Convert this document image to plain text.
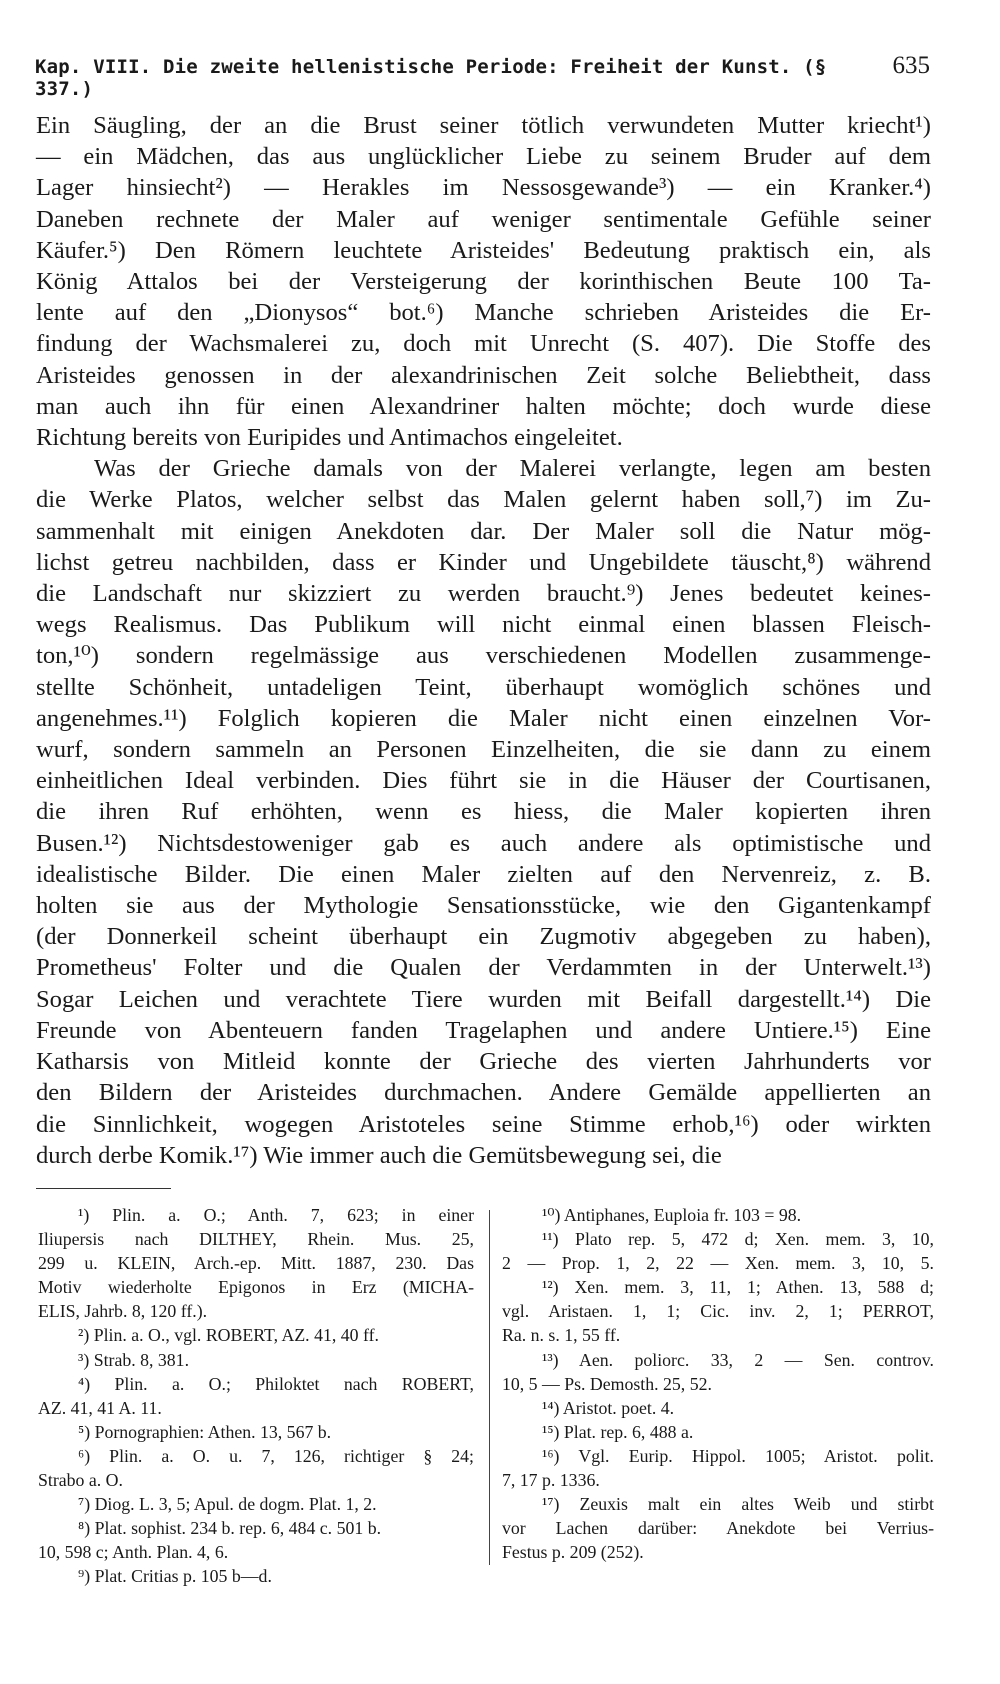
Kap. VIII. Die zweite hellenistische Periode: Freiheit der Kunst. (§ 337.)
635
Ein Säugling, der an die Brust seiner tötlich verwundeten Mutter kriecht¹)
— ein Mädchen, das aus unglücklicher Liebe zu seinem Bruder auf dem
Lager hinsiecht²) — Herakles im Nessosgewande³) — ein Kranker.⁴)
Daneben rechnete der Maler auf weniger sentimentale Gefühle seiner
Käufer.⁵) Den Römern leuchtete Aristeides' Bedeutung praktisch ein, als
König Attalos bei der Versteigerung der korinthischen Beute 100 Ta-
lente auf den „Dionysos“ bot.⁶) Manche schrieben Aristeides die Er-
findung der Wachsmalerei zu, doch mit Unrecht (S. 407). Die Stoffe des
Aristeides genossen in der alexandrinischen Zeit solche Beliebtheit, dass
man auch ihn für einen Alexandriner halten möchte; doch wurde diese
Richtung bereits von Euripides und Antimachos eingeleitet.
Was der Grieche damals von der Malerei verlangte, legen am besten
die Werke Platos, welcher selbst das Malen gelernt haben soll,⁷) im Zu-
sammenhalt mit einigen Anekdoten dar. Der Maler soll die Natur mög-
lichst getreu nachbilden, dass er Kinder und Ungebildete täuscht,⁸) während
die Landschaft nur skizziert zu werden braucht.⁹) Jenes bedeutet keines-
wegs Realismus. Das Publikum will nicht einmal einen blassen Fleisch-
ton,¹⁰) sondern regelmässige aus verschiedenen Modellen zusammenge-
stellte Schönheit, untadeligen Teint, überhaupt womöglich schönes und
angenehmes.¹¹) Folglich kopieren die Maler nicht einen einzelnen Vor-
wurf, sondern sammeln an Personen Einzelheiten, die sie dann zu einem
einheitlichen Ideal verbinden. Dies führt sie in die Häuser der Courtisanen,
die ihren Ruf erhöhten, wenn es hiess, die Maler kopierten ihren
Busen.¹²) Nichtsdestoweniger gab es auch andere als optimistische und
idealistische Bilder. Die einen Maler zielten auf den Nervenreiz, z. B.
holten sie aus der Mythologie Sensationsstücke, wie den Gigantenkampf
(der Donnerkeil scheint überhaupt ein Zugmotiv abgegeben zu haben),
Prometheus' Folter und die Qualen der Verdammten in der Unterwelt.¹³)
Sogar Leichen und verachtete Tiere wurden mit Beifall dargestellt.¹⁴) Die
Freunde von Abenteuern fanden Tragelaphen und andere Untiere.¹⁵) Eine
Katharsis von Mitleid konnte der Grieche des vierten Jahrhunderts vor
den Bildern der Aristeides durchmachen. Andere Gemälde appellierten an
die Sinnlichkeit, wogegen Aristoteles seine Stimme erhob,¹⁶) oder wirkten
durch derbe Komik.¹⁷) Wie immer auch die Gemütsbewegung sei, die
¹) Plin. a. O.; Anth. 7, 623; in einer
Iliupersis nach DILTHEY, Rhein. Mus. 25,
299 u. KLEIN, Arch.-ep. Mitt. 1887, 230. Das
Motiv wiederholte Epigonos in Erz (MICHA-
ELIS, Jahrb. 8, 120 ff.).
²) Plin. a. O., vgl. ROBERT, AZ. 41, 40 ff.
³) Strab. 8, 381.
⁴) Plin. a. O.; Philoktet nach ROBERT,
AZ. 41, 41 A. 11.
⁵) Pornographien: Athen. 13, 567 b.
⁶) Plin. a. O. u. 7, 126, richtiger § 24;
Strabo a. O.
⁷) Diog. L. 3, 5; Apul. de dogm. Plat. 1, 2.
⁸) Plat. sophist. 234 b. rep. 6, 484 c. 501 b.
10, 598 c; Anth. Plan. 4, 6.
⁹) Plat. Critias p. 105 b—d.
¹⁰) Antiphanes, Euploia fr. 103 = 98.
¹¹) Plato rep. 5, 472 d; Xen. mem. 3, 10,
2 — Prop. 1, 2, 22 — Xen. mem. 3, 10, 5.
¹²) Xen. mem. 3, 11, 1; Athen. 13, 588 d;
vgl. Aristaen. 1, 1; Cic. inv. 2, 1; PERROT,
Ra. n. s. 1, 55 ff.
¹³) Aen. poliorc. 33, 2 — Sen. controv.
10, 5 — Ps. Demosth. 25, 52.
¹⁴) Aristot. poet. 4.
¹⁵) Plat. rep. 6, 488 a.
¹⁶) Vgl. Eurip. Hippol. 1005; Aristot. polit.
7, 17 p. 1336.
¹⁷) Zeuxis malt ein altes Weib und stirbt
vor Lachen darüber: Anekdote bei Verrius-
Festus p. 209 (252).
